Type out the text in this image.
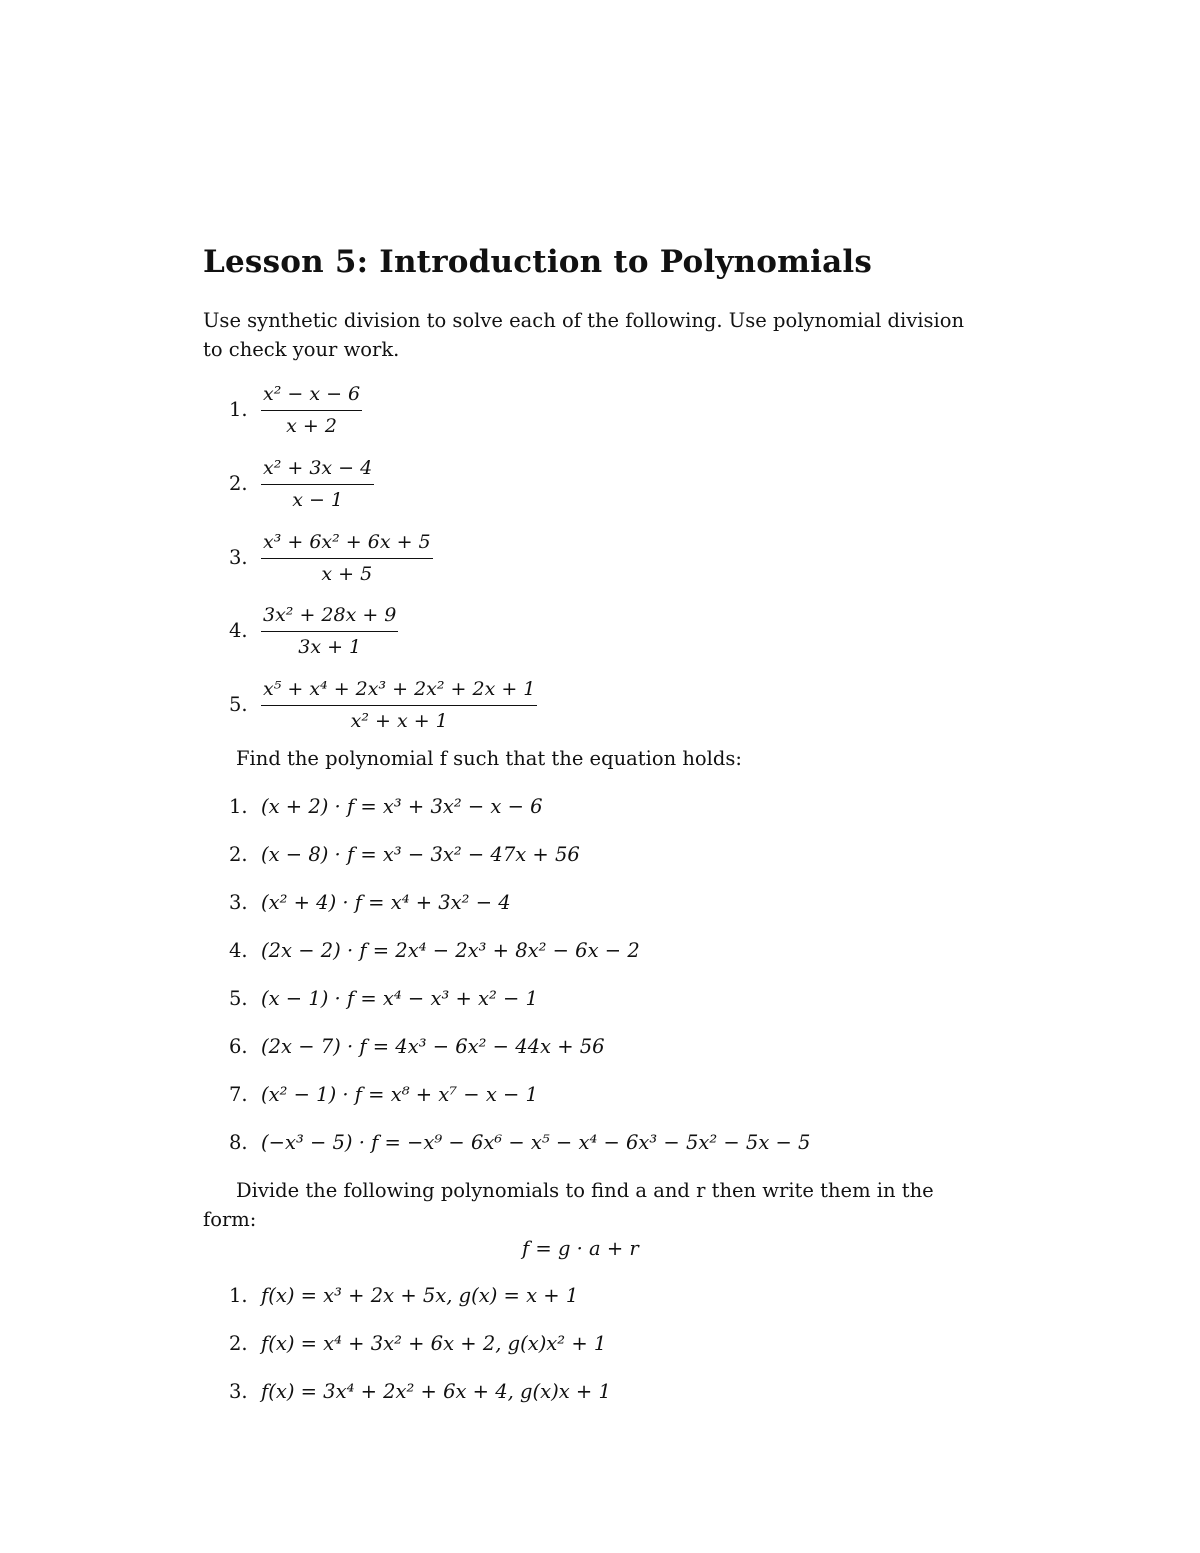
Lesson 5: Introduction to Polynomials
Use synthetic division to solve each of the following. Use polynomial division
to check your work.
1. $\frac{\text{x² − x − 6}}{x + 2}$
2. $\frac{\text{x² + 3x − 4}}{x - 1}$
3. $\frac{\text{x³ + 6x² + 6x + 5}}{x + 5}$
4. $\frac{\text{3x² + 28x + 9}}{3x + 1}$
5. $\frac{\text{x⁵ + x⁴ + 2x³ + 2x² + 2x + 1}}{\text{x² + x + 1}}$
Find the polynomial f such that the equation holds:
1. (x + 2) · f = x³ + 3x² − x − 6
2. (x − 8) · f = x³ − 3x² − 47x + 56
3. (x² + 4) · f = x⁴ + 3x² − 4
4. (2x − 2) · f = 2x⁴ − 2x³ + 8x² − 6x − 2
5. (x − 1) · f = x⁴ − x³ + x² − 1
6. (2x − 7) · f = 4x³ − 6x² − 44x + 56
7. (x² − 1) · f = x⁸ + x⁷ − x − 1
8. (−x³ − 5) · f = −x⁹ − 6x⁶ − x⁵ − x⁴ − 6x³ − 5x² − 5x − 5
Divide the following polynomials to find a and r then write them in the
form:
f = g · a + r
1. f(x) = x³ + 2x + 5x, g(x) = x + 1
2. f(x) = x⁴ + 3x² + 6x + 2, g(x)x² + 1
3. f(x) = 3x⁴ + 2x² + 6x + 4, g(x)x + 1
